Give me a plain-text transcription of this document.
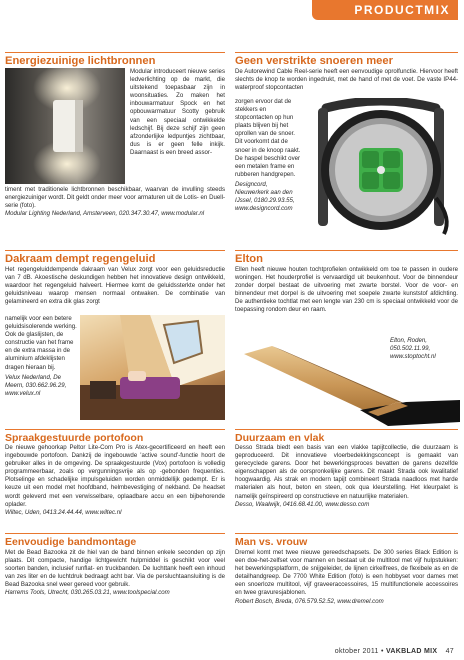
PRODUCTMIX

Energiezuinige lichtbronnen

Modular introduceert nieuwe series ledverlichting op de markt, die uitstekend toepasbaar zijn in woonsituaties. Zo maken het inbouwarmatuur Spock en het opbouwarmatuur Scotty gebruik van een speciaal ontwikkelde ledschijf. Bij deze schijf zijn geen afzonderlijke ledpuntjes zichtbaar, dus is er geen felle inkijk. Daarnaast is een breed assor-

timent met traditionele lichtbronnen beschikbaar, waarvan de invulling steeds energiezuiniger wordt. Dit geldt onder meer voor armaturen uit de Lotis- en Duell-serie (foto).

Modular Lighting Nederland, Amsterveen, 020.347.30.47, www.modular.nl

Dakraam dempt regengeluid

Het regengeluiddempende dakraam van Velux zorgt voor een geluidsreductie van 7 dB. Akoestische deskundigen hebben het innovatieve design ontwikkeld, waardoor het regengeluid halveert. Hiermee komt de geluidssterkte onder het geluidsniveau waarop mensen normaal ontwaken. De combinatie van gelamineerd en extra dik glas zorgt

namelijk voor een betere geluidsisolerende werking. Ook de glaslijsten, de constructie van het frame en de extra massa in de aluminium afdeklijsten dragen hieraan bij.

Velux Nederland, De Meern, 030.662.96.29, www.velux.nl

Spraakgestuurde portofoon

De nieuwe gehoorkap Peltor Lite-Com Pro is Atex-gecertificeerd en heeft een ingebouwde portofoon. Dankzij de ingebouwde 'active sound'-functie hoort de gebruiker alles in de omgeving. De spraakgestuurde (Vox) portofoon is volledig programmeerbaar, zoals op vergunningsvrije als op -gebonden frequenties. Plotselinge en schadelijke impulsgeluiden worden onmiddellijk gedempt. Er is keuze uit een model met hoofdband, helmbevestiging of nekband. De headset wordt geleverd met een verwisselbare, oplaadbare accu en een bijbehorende oplader.

Wiltec, Uden, 0413.24.44.44, www.wiltec.nl

Eenvoudige bandmontage

Met de Bead Bazooka zit de hiel van de band binnen enkele seconden op zijn plaats. Dit compacte, handige lichtgewicht hulpmiddel is geschikt voor veel soorten banden, inclusief runflat- en truckbanden. De luchttank heeft een inhoud van zes liter en de luchtdruk bedraagt acht bar. Via de persluchtaansluiting is de Bead Bazooka snel weer gereed voor gebruik.

Harrems Tools, Utrecht, 030.265.03.21, www.toolspecial.com

Geen verstrikte snoeren meer

De Autorewind Cable Reel-serie heeft een eenvoudige oprolfunctie. Hiervoor heeft slechts de knop te worden ingedrukt, met de hand of met de voet. De vaste IP44-waterproof stopcontacten

zorgen ervoor dat de stekkers en stopcontacten op hun plaats blijven bij het oprollen van de snoer. Dit voorkomt dat de snoer in de knoop raakt. De haspel beschikt over een metalen frame en rubberen handgrepen.

Designcord, Nieuwerkerk aan den IJssel, 0180.29.93.55, www.designcord.com

Elton

Ellen heeft nieuwe houten tochtprofielen ontwikkeld om toe te passen in oudere woningen. Het houderprofiel is vervaardigd uit beukenhout. Voor de binnendeur zonder dorpel bestaat de uitvoering met zwarte borstel. Voor de voor- en binnendeur met dorpel is de uitvoering met soepele zwarte kunststof afdichting. De authentieke tochtlat met een lengte van 230 cm is speciaal ontwikkeld voor de toepassing rondom deur en raam.

Elton, Roden, 050.502.11.99, www.stoptocht.nl

Duurzaam en vlak

Desso Strada biedt een basis van een vlakke tapijtcollectie, die duurzaam is geproduceerd. Dit innovatieve vloerbedekkingsconcept is gemaakt van gerecyclede garens. Door het bewerkingsproces bevatten de garens dezelfde eigenschappen als de oorspronkelijke garens. Dit maakt Strada ook kwalitatief hoogwaardig. Als strak en modern tapijt combineert Strada naadloos met harde materialen als hout, beton en steen, ook qua kleurstelling. Het kleurpalet is namelijk geïnspireerd op constructieve en natuurlijke materialen.

Desso, Waalwijk, 0416.68.41.00, www.desso.com

Man vs. vrouw

Dremel komt met twee nieuwe gereedschapsets. De 300 series Black Edition is een doe-het-zelfset voor mannen en bestaat uit de multitool met vijf hulpstukken: het bewerkingsplatform, de snijgeleider, de lijnen cirkelfrees, de flexibele as en de detailhandgreep. De 7700 White Edition (foto) is een hobbyset voor dames met een snoerloze multitool, vijf graveeraccessoires, 15 multifunctionele accessoires en twee gravuresjablonen.

Robert Bosch, Breda, 076.579.52.52, www.dremel.com

oktober 2011 • VAKBLAD MIX 47
